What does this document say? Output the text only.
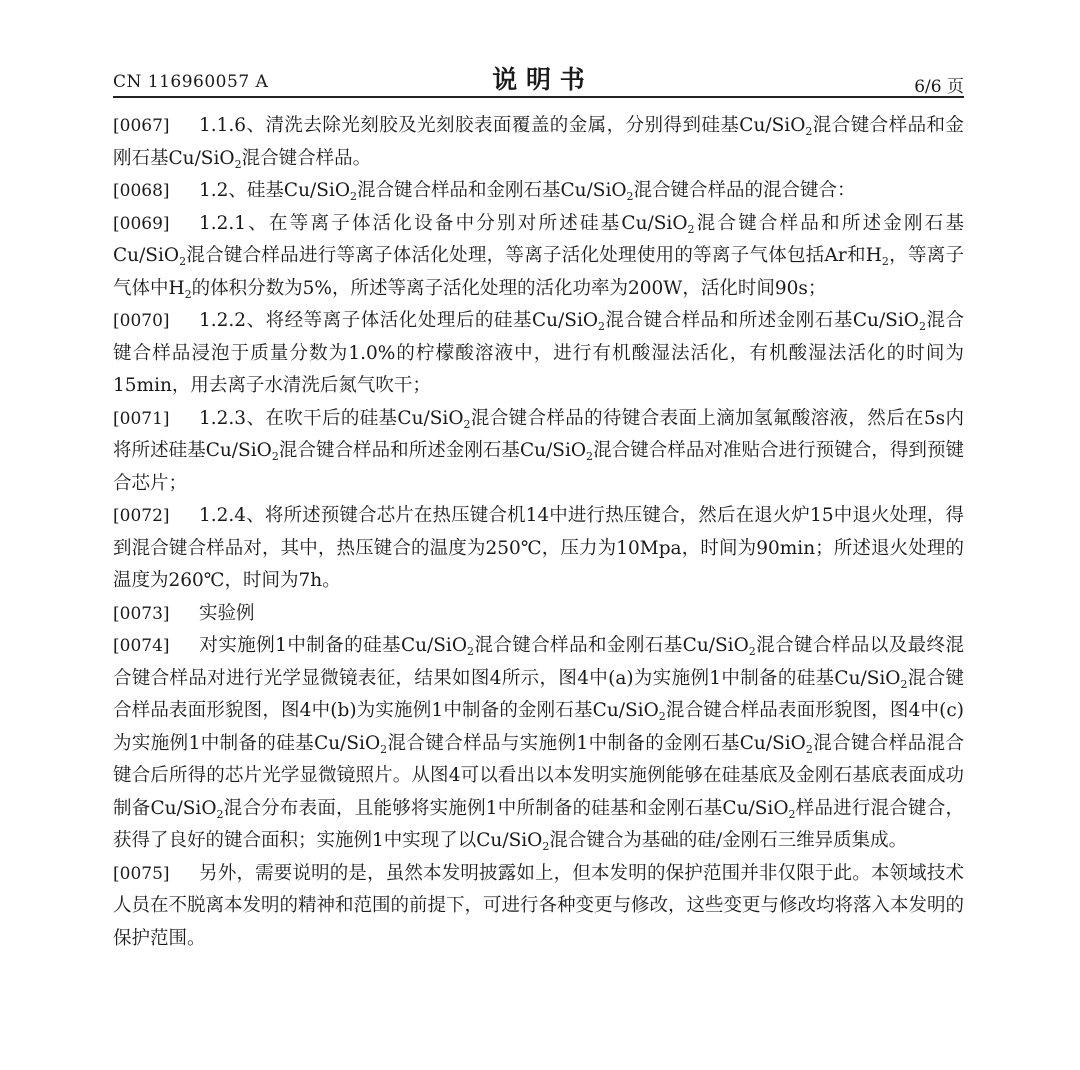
CN 116960057 A	说 明 书	6/6 页

[0067] 1.1.6、清洗去除光刻胶及光刻胶表面覆盖的金属，分别得到硅基Cu/SiO$_2$混合键合样品和金刚石基Cu/SiO$_2$混合键合样品。

[0068] 1.2、硅基Cu/SiO$_2$混合键合样品和金刚石基Cu/SiO$_2$混合键合样品的混合键合：

[0069] 1.2.1、在等离子体活化设备中分别对所述硅基Cu/SiO$_2$混合键合样品和所述金刚石基Cu/SiO$_2$混合键合样品进行等离子体活化处理，等离子活化处理使用的等离子气体包括Ar和$H_2$，等离子气体中$H_2$的体积分数为5%，所述等离子活化处理的活化功率为200W，活化时间90s；

[0070] 1.2.2、将经等离子体活化处理后的硅基Cu/SiO$_2$混合键合样品和所述金刚石基Cu/SiO$_2$混合键合样品浸泡于质量分数为1.0%的柠檬酸溶液中，进行有机酸湿法活化，有机酸湿法活化的时间为15min，用去离子水清洗后氮气吹干；

[0071] 1.2.3、在吹干后的硅基Cu/SiO$_2$混合键合样品的待键合表面上滴加氢氟酸溶液，然后在5s内将所述硅基Cu/SiO$_2$混合键合样品和所述金刚石基Cu/SiO$_2$混合键合样品对准贴合进行预键合，得到预键合芯片；

[0072] 1.2.4、将所述预键合芯片在热压键合机14中进行热压键合，然后在退火炉15中退火处理，得到混合键合样品对，其中，热压键合的温度为250℃，压力为10Mpa，时间为90min；所述退火处理的温度为260℃，时间为7h。

[0073] 实验例

[0074] 对实施例1中制备的硅基Cu/SiO$_2$混合键合样品和金刚石基Cu/SiO$_2$混合键合样品以及最终混合键合样品对进行光学显微镜表征，结果如图4所示，图4中(a)为实施例1中制备的硅基Cu/SiO$_2$混合键合样品表面形貌图，图4中(b)为实施例1中制备的金刚石基Cu/SiO$_2$混合键合样品表面形貌图，图4中(c)为实施例1中制备的硅基Cu/SiO$_2$混合键合样品与实施例1中制备的金刚石基Cu/SiO$_2$混合键合样品混合键合后所得的芯片光学显微镜照片。从图4可以看出以本发明实施例能够在硅基底及金刚石基底表面成功制备Cu/SiO$_2$混合分布表面，且能够将实施例1中所制备的硅基和金刚石基Cu/SiO$_2$样品进行混合键合，获得了良好的键合面积；实施例1中实现了以Cu/SiO$_2$混合键合为基础的硅/金刚石三维异质集成。

[0075] 另外，需要说明的是，虽然本发明披露如上，但本发明的保护范围并非仅限于此。本领域技术人员在不脱离本发明的精神和范围的前提下，可进行各种变更与修改，这些变更与修改均将落入本发明的保护范围。
